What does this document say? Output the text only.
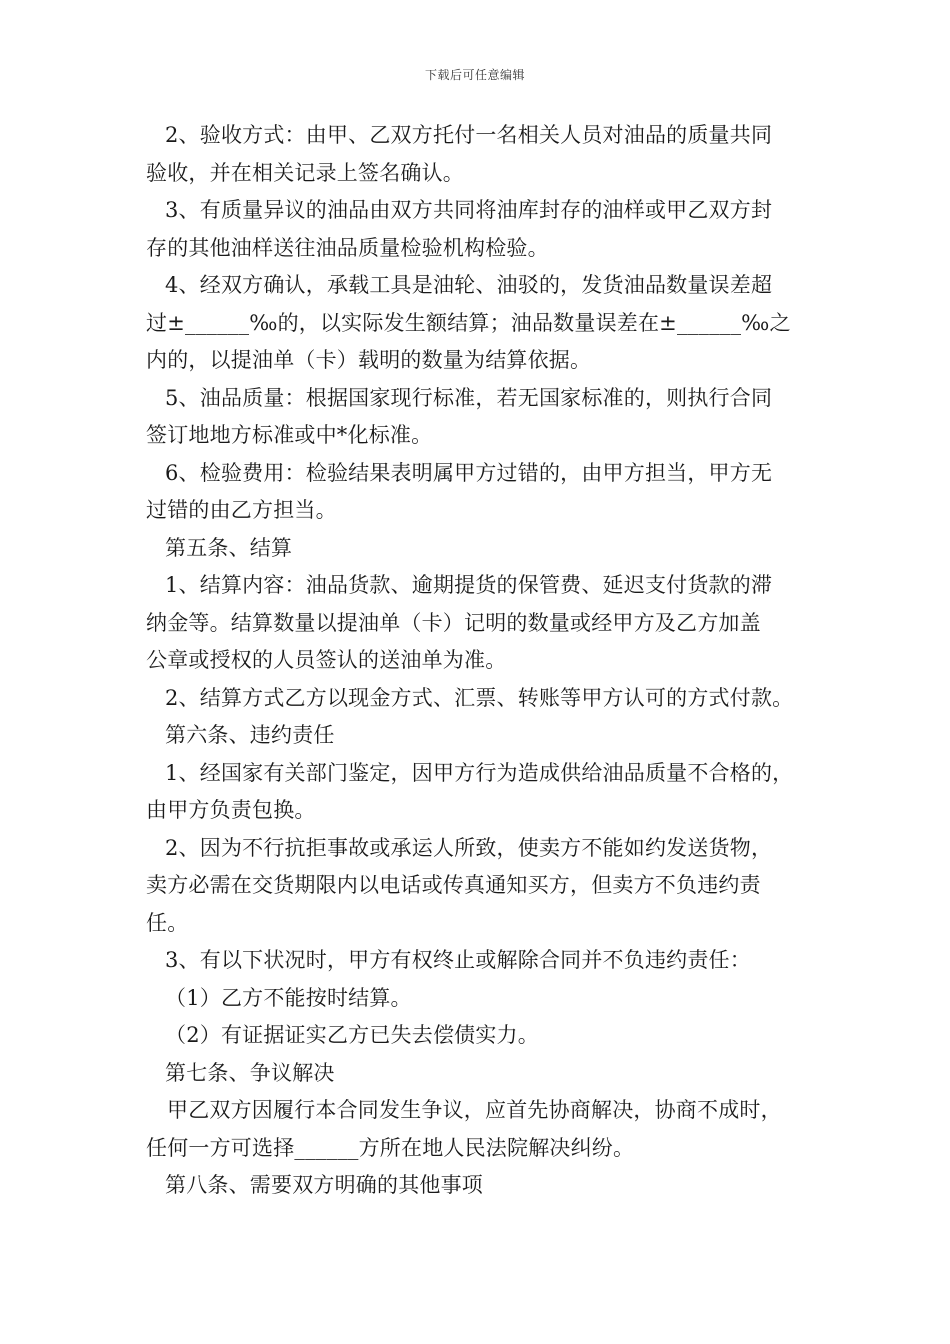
下载后可任意编辑

2、验收方式：由甲、乙双方托付一名相关人员对油品的质量共同

验收，并在相关记录上签名确认。

3、有质量异议的油品由双方共同将油库封存的油样或甲乙双方封

存的其他油样送往油品质量检验机构检验。

4、经双方确认，承载工具是油轮、油驳的，发货油品数量误差超

过±______‰的，以实际发生额结算；油品数量误差在±______‰之

内的，以提油单（卡）载明的数量为结算依据。

5、油品质量：根据国家现行标准，若无国家标准的，则执行合同

签订地地方标准或中*化标准。

6、检验费用：检验结果表明属甲方过错的，由甲方担当，甲方无

过错的由乙方担当。

第五条、结算

1、结算内容：油品货款、逾期提货的保管费、延迟支付货款的滞

纳金等。结算数量以提油单（卡）记明的数量或经甲方及乙方加盖

公章或授权的人员签认的送油单为准。

2、结算方式乙方以现金方式、汇票、转账等甲方认可的方式付款。

第六条、违约责任

1、经国家有关部门鉴定，因甲方行为造成供给油品质量不合格的，

由甲方负责包换。

2、因为不行抗拒事故或承运人所致，使卖方不能如约发送货物，

卖方必需在交货期限内以电话或传真通知买方，但卖方不负违约责

任。

3、有以下状况时，甲方有权终止或解除合同并不负违约责任：

（1）乙方不能按时结算。

（2）有证据证实乙方已失去偿债实力。

第七条、争议解决

甲乙双方因履行本合同发生争议，应首先协商解决，协商不成时，

任何一方可选择______方所在地人民法院解决纠纷。

第八条、需要双方明确的其他事项
